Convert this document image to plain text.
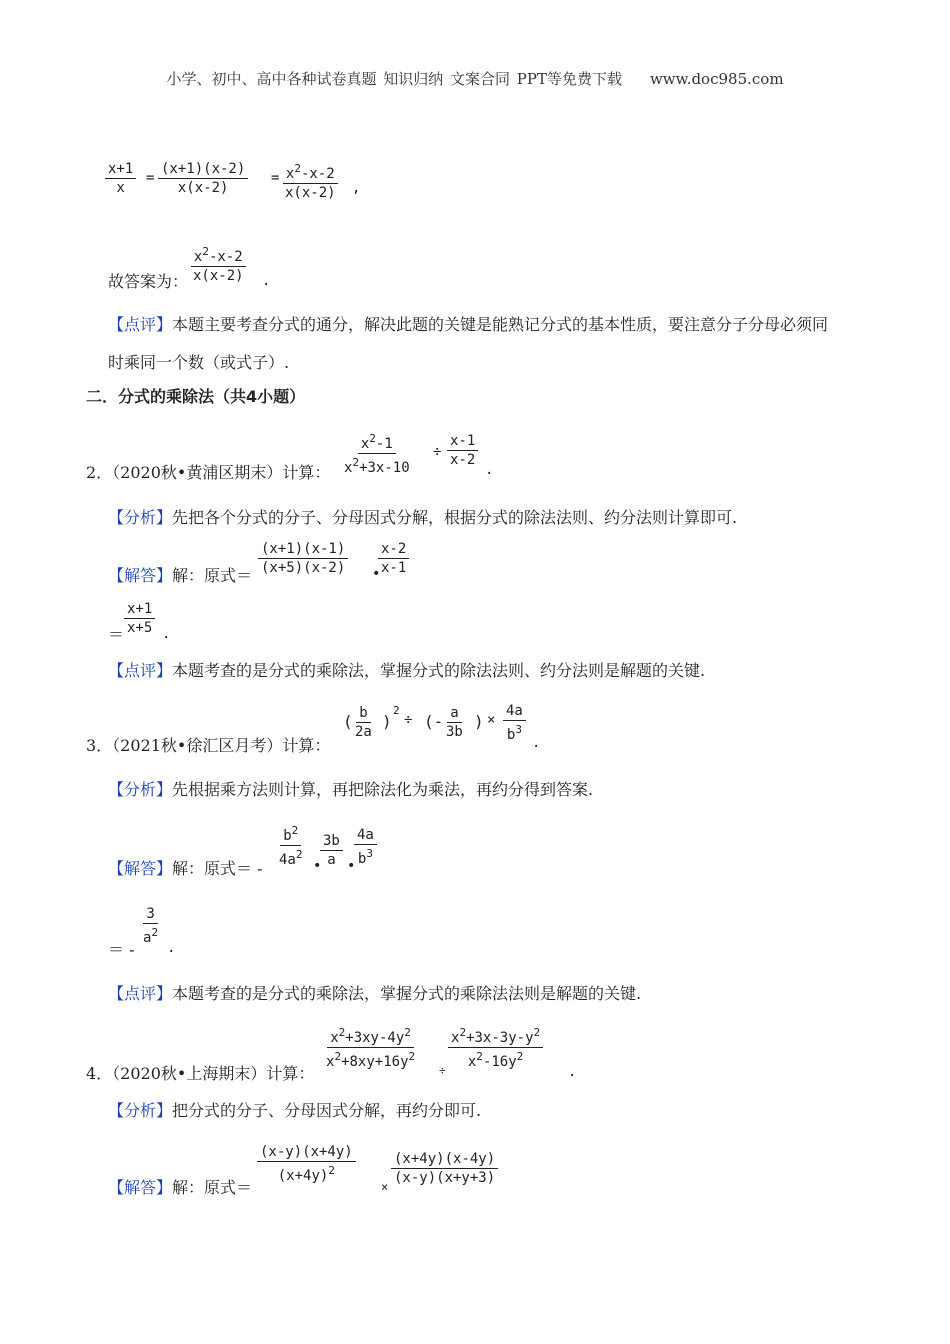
小学、初中、高中各种试卷真题 知识归纳 文案合同 PPT等免费下载 www.doc985.com
$\frac{x+1}{x} = \frac{(x+1)(x-2)}{x(x-2)} = \frac{x^2-x-2}{x(x-2)}$ ,
故答案为： $\frac{x^2-x-2}{x(x-2)}$ .
【点评】本题主要考查分式的通分，解决此题的关键是能熟记分式的基本性质，要注意分子分母必须同
时乘同一个数（或式子）.
二．分式的乘除法（共4小题）
$\frac{x^2-1}{x^2+3x-10} \div \frac{x-1}{x-2}$
.
2．（2020秋•黄浦区期末）计算：
【分析】先把各个分式的分子、分母因式分解，根据分式的除法法则、约分法则计算即可.
【解答】解：原式＝ $\frac{(x+1)(x-1)}{(x+5)(x-2)}$ •
$\frac{x-2}{x-1}$
＝ $\frac{x+1}{x+5}$ .
【点评】本题考查的是分式的乘除法，掌握分式的除法法则、约分法则是解题的关键.
3．（2021秋•徐汇区月考）计算：
( $\frac{b}{2a}$ )
2
÷ (- $\frac{a}{3b}$ ) × $\frac{4a}{b^3}$ .
【分析】先根据乘方法则计算，再把除法化为乘法，再约分得到答案.
【解答】解：原式＝ - $\frac{b^2}{4a^2}$ •
$\frac{3b}{a}$ •
$\frac{4a}{b^3}$
＝ -
$\frac{3}{a^2}$
.
【点评】本题考查的是分式的乘除法，掌握分式的乘除法法则是解题的关键.
4．（2020秋•上海期末）计算：
$\frac{x^2+3xy-4y^2}{x^2+8xy+16y^2} \div \frac{x^2+3x-3y-y^2}{x^2-16y^2}$
.
【分析】把分式的分子、分母因式分解，再约分即可.
【解答】解：原式＝
$\frac{(x-y)(x+4y)}{(x+4y)^2}$
× $\frac{(x+4y)(x-4y)}{(x-y)(x+y+3)}$
